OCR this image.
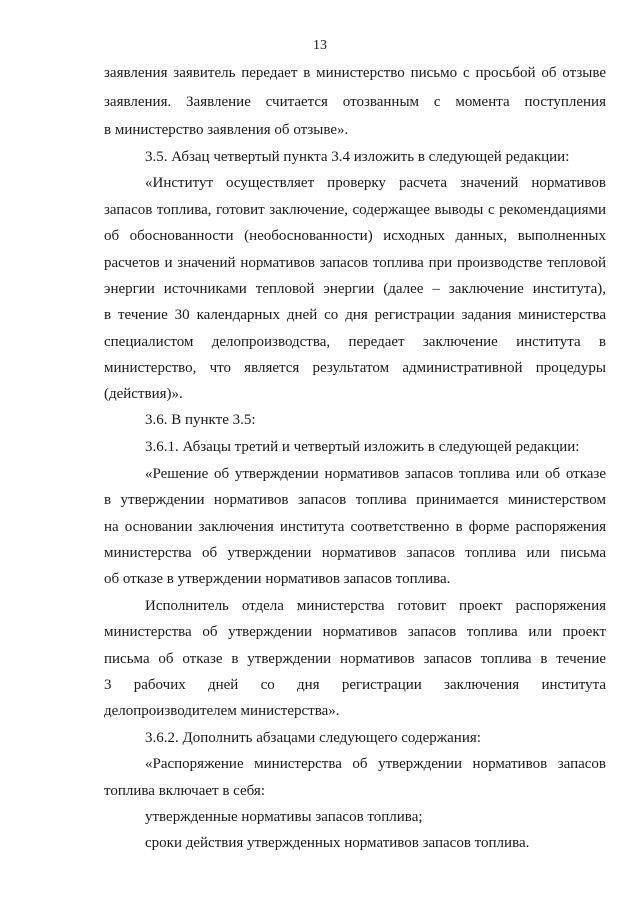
13
заявления заявитель передает в министерство письмо с просьбой об отзыве
заявления. Заявление считается отозванным с момента поступления
в министерство заявления об отзыве».
3.5. Абзац четвертый пункта 3.4 изложить в следующей редакции:
«Институт осуществляет проверку расчета значений нормативов
запасов топлива, готовит заключение, содержащее выводы с рекомендациями
об обоснованности (необоснованности) исходных данных, выполненных
расчетов и значений нормативов запасов топлива при производстве тепловой
энергии источниками тепловой энергии (далее – заключение института),
в течение 30 календарных дней со дня регистрации задания министерства
специалистом делопроизводства, передает заключение института в
министерство, что является результатом административной процедуры
(действия)».
3.6. В пункте 3.5:
3.6.1. Абзацы третий и четвертый изложить в следующей редакции:
«Решение об утверждении нормативов запасов топлива или об отказе
в утверждении нормативов запасов топлива принимается министерством
на основании заключения института соответственно в форме распоряжения
министерства об утверждении нормативов запасов топлива или письма
об отказе в утверждении нормативов запасов топлива.
Исполнитель отдела министерства готовит проект распоряжения
министерства об утверждении нормативов запасов топлива или проект
письма об отказе в утверждении нормативов запасов топлива в течение
3 рабочих дней со дня регистрации заключения института
делопроизводителем министерства».
3.6.2. Дополнить абзацами следующего содержания:
«Распоряжение министерства об утверждении нормативов запасов
топлива включает в себя:
утвержденные нормативы запасов топлива;
сроки действия утвержденных нормативов запасов топлива.
